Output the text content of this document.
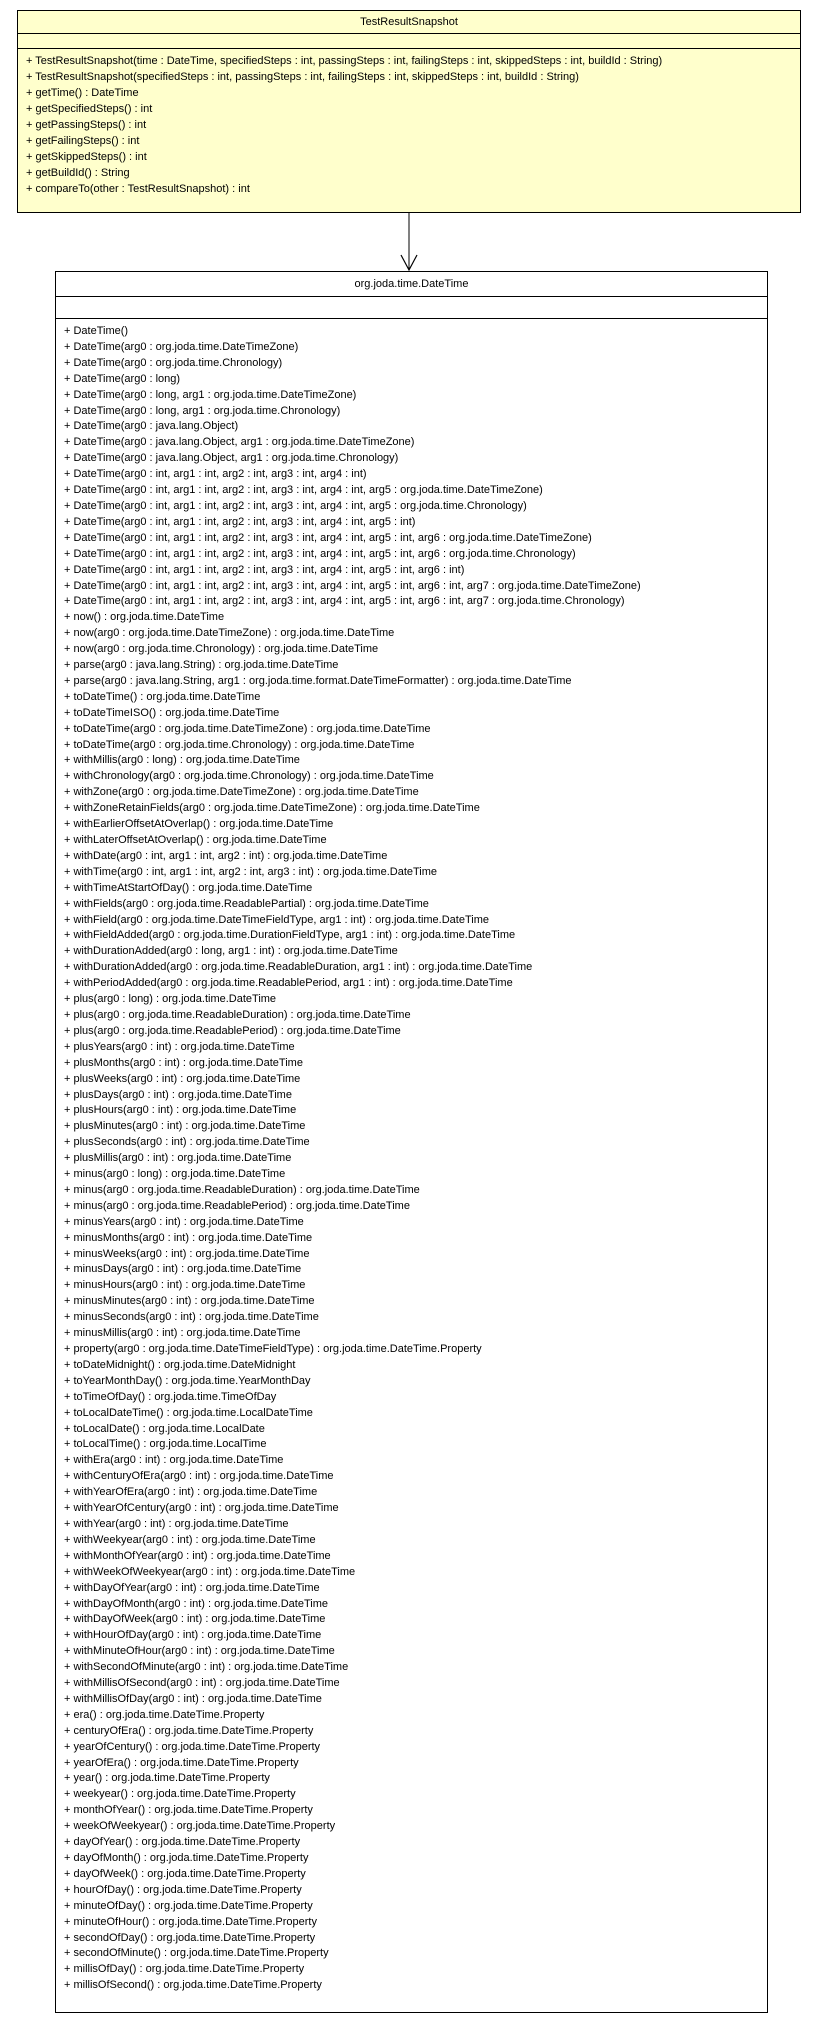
TestResultSnapshot
+ TestResultSnapshot(time : DateTime, specifiedSteps : int, passingSteps : int, failingSteps : int, skippedSteps : int, buildId : String)
+ TestResultSnapshot(specifiedSteps : int, passingSteps : int, failingSteps : int, skippedSteps : int, buildId : String)
+ getTime() : DateTime
+ getSpecifiedSteps() : int
+ getPassingSteps() : int
+ getFailingSteps() : int
+ getSkippedSteps() : int
+ getBuildId() : String
+ compareTo(other : TestResultSnapshot) : int
org.joda.time.DateTime
+ DateTime()
+ DateTime(arg0 : org.joda.time.DateTimeZone)
+ DateTime(arg0 : org.joda.time.Chronology)
+ DateTime(arg0 : long)
+ DateTime(arg0 : long, arg1 : org.joda.time.DateTimeZone)
+ DateTime(arg0 : long, arg1 : org.joda.time.Chronology)
+ DateTime(arg0 : java.lang.Object)
+ DateTime(arg0 : java.lang.Object, arg1 : org.joda.time.DateTimeZone)
+ DateTime(arg0 : java.lang.Object, arg1 : org.joda.time.Chronology)
+ DateTime(arg0 : int, arg1 : int, arg2 : int, arg3 : int, arg4 : int)
+ DateTime(arg0 : int, arg1 : int, arg2 : int, arg3 : int, arg4 : int, arg5 : org.joda.time.DateTimeZone)
+ DateTime(arg0 : int, arg1 : int, arg2 : int, arg3 : int, arg4 : int, arg5 : org.joda.time.Chronology)
+ DateTime(arg0 : int, arg1 : int, arg2 : int, arg3 : int, arg4 : int, arg5 : int)
+ DateTime(arg0 : int, arg1 : int, arg2 : int, arg3 : int, arg4 : int, arg5 : int, arg6 : org.joda.time.DateTimeZone)
+ DateTime(arg0 : int, arg1 : int, arg2 : int, arg3 : int, arg4 : int, arg5 : int, arg6 : org.joda.time.Chronology)
+ DateTime(arg0 : int, arg1 : int, arg2 : int, arg3 : int, arg4 : int, arg5 : int, arg6 : int)
+ DateTime(arg0 : int, arg1 : int, arg2 : int, arg3 : int, arg4 : int, arg5 : int, arg6 : int, arg7 : org.joda.time.DateTimeZone)
+ DateTime(arg0 : int, arg1 : int, arg2 : int, arg3 : int, arg4 : int, arg5 : int, arg6 : int, arg7 : org.joda.time.Chronology)
+ now() : org.joda.time.DateTime
+ now(arg0 : org.joda.time.DateTimeZone) : org.joda.time.DateTime
+ now(arg0 : org.joda.time.Chronology) : org.joda.time.DateTime
+ parse(arg0 : java.lang.String) : org.joda.time.DateTime
+ parse(arg0 : java.lang.String, arg1 : org.joda.time.format.DateTimeFormatter) : org.joda.time.DateTime
+ toDateTime() : org.joda.time.DateTime
+ toDateTimeISO() : org.joda.time.DateTime
+ toDateTime(arg0 : org.joda.time.DateTimeZone) : org.joda.time.DateTime
+ toDateTime(arg0 : org.joda.time.Chronology) : org.joda.time.DateTime
+ withMillis(arg0 : long) : org.joda.time.DateTime
+ withChronology(arg0 : org.joda.time.Chronology) : org.joda.time.DateTime
+ withZone(arg0 : org.joda.time.DateTimeZone) : org.joda.time.DateTime
+ withZoneRetainFields(arg0 : org.joda.time.DateTimeZone) : org.joda.time.DateTime
+ withEarlierOffsetAtOverlap() : org.joda.time.DateTime
+ withLaterOffsetAtOverlap() : org.joda.time.DateTime
+ withDate(arg0 : int, arg1 : int, arg2 : int) : org.joda.time.DateTime
+ withTime(arg0 : int, arg1 : int, arg2 : int, arg3 : int) : org.joda.time.DateTime
+ withTimeAtStartOfDay() : org.joda.time.DateTime
+ withFields(arg0 : org.joda.time.ReadablePartial) : org.joda.time.DateTime
+ withField(arg0 : org.joda.time.DateTimeFieldType, arg1 : int) : org.joda.time.DateTime
+ withFieldAdded(arg0 : org.joda.time.DurationFieldType, arg1 : int) : org.joda.time.DateTime
+ withDurationAdded(arg0 : long, arg1 : int) : org.joda.time.DateTime
+ withDurationAdded(arg0 : org.joda.time.ReadableDuration, arg1 : int) : org.joda.time.DateTime
+ withPeriodAdded(arg0 : org.joda.time.ReadablePeriod, arg1 : int) : org.joda.time.DateTime
+ plus(arg0 : long) : org.joda.time.DateTime
+ plus(arg0 : org.joda.time.ReadableDuration) : org.joda.time.DateTime
+ plus(arg0 : org.joda.time.ReadablePeriod) : org.joda.time.DateTime
+ plusYears(arg0 : int) : org.joda.time.DateTime
+ plusMonths(arg0 : int) : org.joda.time.DateTime
+ plusWeeks(arg0 : int) : org.joda.time.DateTime
+ plusDays(arg0 : int) : org.joda.time.DateTime
+ plusHours(arg0 : int) : org.joda.time.DateTime
+ plusMinutes(arg0 : int) : org.joda.time.DateTime
+ plusSeconds(arg0 : int) : org.joda.time.DateTime
+ plusMillis(arg0 : int) : org.joda.time.DateTime
+ minus(arg0 : long) : org.joda.time.DateTime
+ minus(arg0 : org.joda.time.ReadableDuration) : org.joda.time.DateTime
+ minus(arg0 : org.joda.time.ReadablePeriod) : org.joda.time.DateTime
+ minusYears(arg0 : int) : org.joda.time.DateTime
+ minusMonths(arg0 : int) : org.joda.time.DateTime
+ minusWeeks(arg0 : int) : org.joda.time.DateTime
+ minusDays(arg0 : int) : org.joda.time.DateTime
+ minusHours(arg0 : int) : org.joda.time.DateTime
+ minusMinutes(arg0 : int) : org.joda.time.DateTime
+ minusSeconds(arg0 : int) : org.joda.time.DateTime
+ minusMillis(arg0 : int) : org.joda.time.DateTime
+ property(arg0 : org.joda.time.DateTimeFieldType) : org.joda.time.DateTime.Property
+ toDateMidnight() : org.joda.time.DateMidnight
+ toYearMonthDay() : org.joda.time.YearMonthDay
+ toTimeOfDay() : org.joda.time.TimeOfDay
+ toLocalDateTime() : org.joda.time.LocalDateTime
+ toLocalDate() : org.joda.time.LocalDate
+ toLocalTime() : org.joda.time.LocalTime
+ withEra(arg0 : int) : org.joda.time.DateTime
+ withCenturyOfEra(arg0 : int) : org.joda.time.DateTime
+ withYearOfEra(arg0 : int) : org.joda.time.DateTime
+ withYearOfCentury(arg0 : int) : org.joda.time.DateTime
+ withYear(arg0 : int) : org.joda.time.DateTime
+ withWeekyear(arg0 : int) : org.joda.time.DateTime
+ withMonthOfYear(arg0 : int) : org.joda.time.DateTime
+ withWeekOfWeekyear(arg0 : int) : org.joda.time.DateTime
+ withDayOfYear(arg0 : int) : org.joda.time.DateTime
+ withDayOfMonth(arg0 : int) : org.joda.time.DateTime
+ withDayOfWeek(arg0 : int) : org.joda.time.DateTime
+ withHourOfDay(arg0 : int) : org.joda.time.DateTime
+ withMinuteOfHour(arg0 : int) : org.joda.time.DateTime
+ withSecondOfMinute(arg0 : int) : org.joda.time.DateTime
+ withMillisOfSecond(arg0 : int) : org.joda.time.DateTime
+ withMillisOfDay(arg0 : int) : org.joda.time.DateTime
+ era() : org.joda.time.DateTime.Property
+ centuryOfEra() : org.joda.time.DateTime.Property
+ yearOfCentury() : org.joda.time.DateTime.Property
+ yearOfEra() : org.joda.time.DateTime.Property
+ year() : org.joda.time.DateTime.Property
+ weekyear() : org.joda.time.DateTime.Property
+ monthOfYear() : org.joda.time.DateTime.Property
+ weekOfWeekyear() : org.joda.time.DateTime.Property
+ dayOfYear() : org.joda.time.DateTime.Property
+ dayOfMonth() : org.joda.time.DateTime.Property
+ dayOfWeek() : org.joda.time.DateTime.Property
+ hourOfDay() : org.joda.time.DateTime.Property
+ minuteOfDay() : org.joda.time.DateTime.Property
+ minuteOfHour() : org.joda.time.DateTime.Property
+ secondOfDay() : org.joda.time.DateTime.Property
+ secondOfMinute() : org.joda.time.DateTime.Property
+ millisOfDay() : org.joda.time.DateTime.Property
+ millisOfSecond() : org.joda.time.DateTime.Property
